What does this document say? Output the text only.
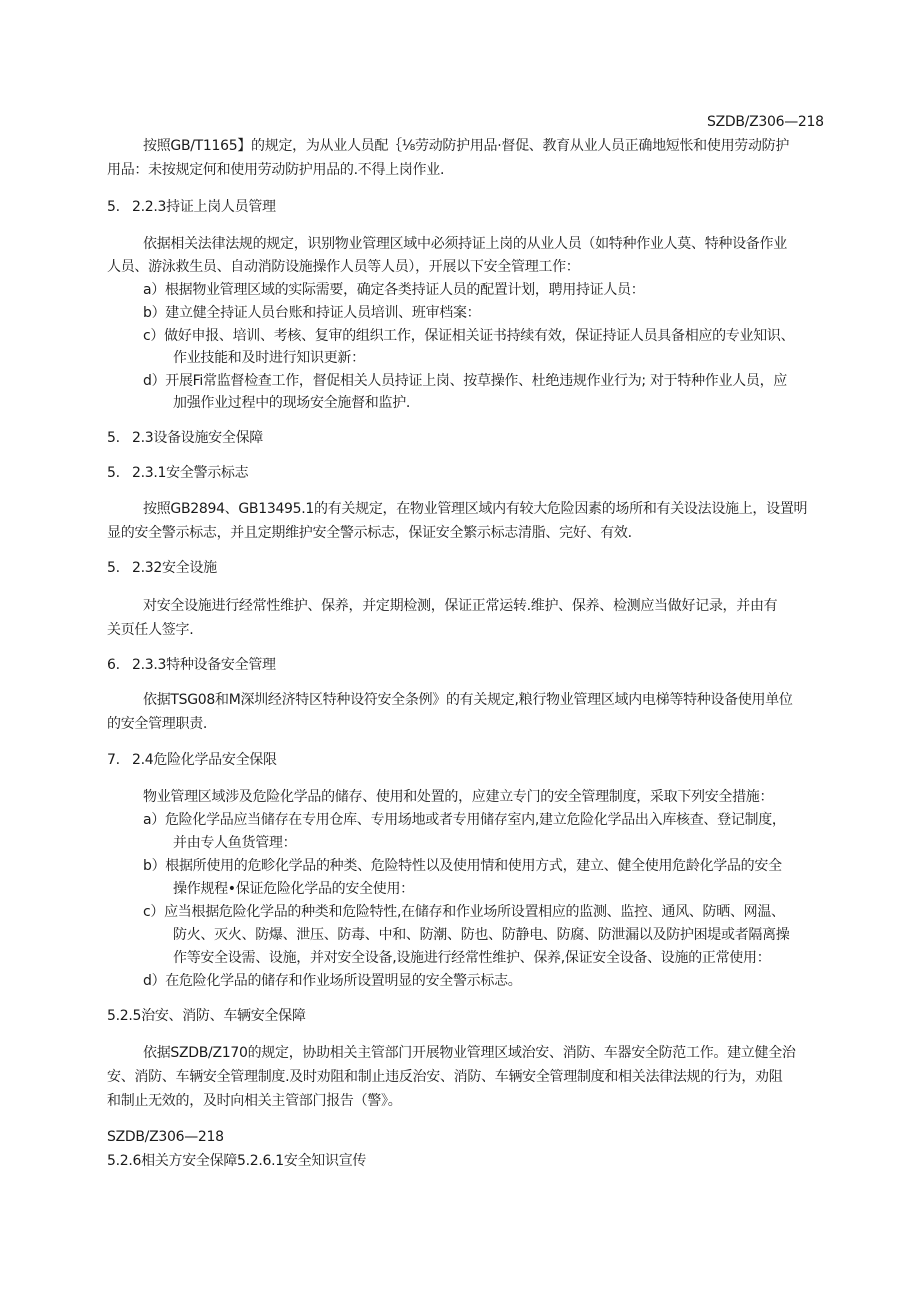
SZDB/Z306—218
按照GB/T1165】的规定，为从业人员配｛⅛劳动防护用品·督促、教育从业人员正确地短怅和使用劳动防护
用品：未按规定何和使用劳动防护用品的.不得上岗作业.
5. 2.2.3持证上岗人员管理
依据相关法律法规的规定，识别物业管理区域中必须持证上岗的从业人员（如特种作业人莫、特种设备作业
人员、游泳救生员、自动消防设施操作人员等人员），开展以下安全管理工作：
a）根据物业管理区域的实际需要，确定各类持证人员的配置计划，聘用持证人员：
b）建立健全持证人员台账和持证人员培训、班审档案：
c）做好申报、培训、考核、复审的组织工作，保证相关证书持续有效，保证持证人员具备相应的专业知识、
作业技能和及时进行知识更新：
d）开展Fi常监督检查工作，督促相关人员持证上岗、按草操作、杜绝违规作业行为; 对于特种作业人员，应
加强作业过程中的现场安全施督和监护.
5. 2.3设备设施安全保障
5. 2.3.1安全警示标志
按照GB2894、GB13495.1的有关规定，在物业管理区域内有较大危险因素的场所和有关设法设施上，设置明
显的安全警示标志，并且定期维护安全警示标志，保证安全繁示标志清脂、完好、有效.
5. 2.32安全设施
对安全设施进行经常性维护、保养，并定期检测，保证正常运转.维护、保养、检测应当做好记录，并由有
关页任人签字.
6. 2.3.3特种设备安全管理
依据TSG08和M深圳经济特区特种设符安全条例》的有关规定,粮行物业管理区域内电梯等特种设备使用单位
的安全管理职责.
7. 2.4危险化学品安全保限
物业管理区域涉及危险化学品的储存、使用和处置的，应建立专门的安全管理制度，采取下列安全措施：
a）危险化学品应当储存在专用仓库、专用场地或者专用储存室内,建立危险化学品出入库核查、登记制度，
并由专人鱼货管理：
b）根据所使用的危畛化学品的种类、危险特性以及使用情和使用方式，建立、健全使用危龄化学品的安全
操作规程•保证危险化学品的安全使用：
c）应当根据危险化学品的种类和危险特性,在储存和作业场所设置相应的监测、监控、通风、防晒、网温、
防火、灭火、防爆、泄压、防毒、中和、防潮、防也、防静电、防腐、防泄漏以及防护困堤或者隔离操
作等安全设需、设施，并对安全设备,设施进行经常性维护、保养,保证安全设备、设施的正常使用：
d）在危险化学品的储存和作业场所设置明显的安全警示标志。
5.2.5治安、消防、车辆安全保障
依据SZDB/Z170的规定，协助相关主管部门开展物业管理区域治安、消防、车器安全防范工作。建立健全治
安、消防、车辆安全管理制度.及时劝阻和制止违反治安、消防、车辆安全管理制度和相关法律法规的行为，劝阻
和制止无效的，及时向相关主管部门报告（警》。
SZDB/Z306—218
5.2.6相关方安全保障5.2.6.1安全知识宣传
